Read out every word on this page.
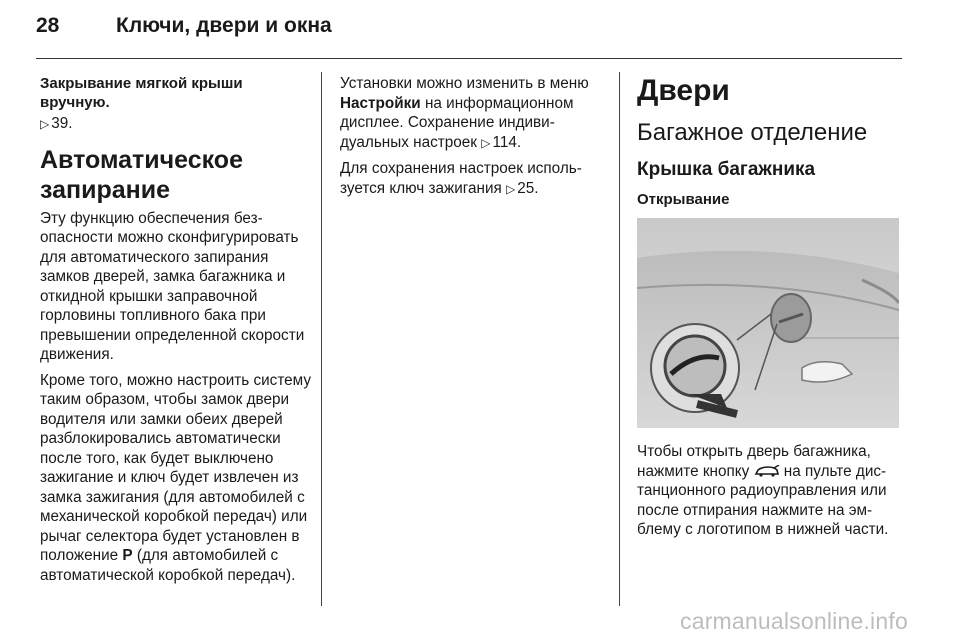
28	Ключи, двери и окна

Закрывание мягкой крыши вручную.

▷ 39.

Автоматическое запирание

Эту функцию обеспечения безопасности можно сконфигурировать для автоматического запирания замков дверей, замка багажника и откидной крышки заправочной горловины топливного бака при превышении определенной скорости движения.

Кроме того, можно настроить систему таким образом, чтобы замок двери водителя или замки обеих дверей разблокировались автоматически после того, как будет выключено зажигание и ключ будет извлечен из замка зажигания (для автомобилей с механической коробкой передач) или рычаг селектора будет установлен в положение P (для автомобилей с автоматической коробкой передач).

Установки можно изменить в меню Настройки на информационном дисплее. Сохранение индивидуальных настроек ▷ 114.

Для сохранения настроек используется ключ зажигания ▷ 25.

Двери
Багажное отделение
Крышка багажника
Открывание

Чтобы открыть дверь багажника, нажмите кнопку на пульте дистанционного радиоуправления или после отпирания нажмите на эмблему с логотипом в нижней части.

carmanualsonline.info
